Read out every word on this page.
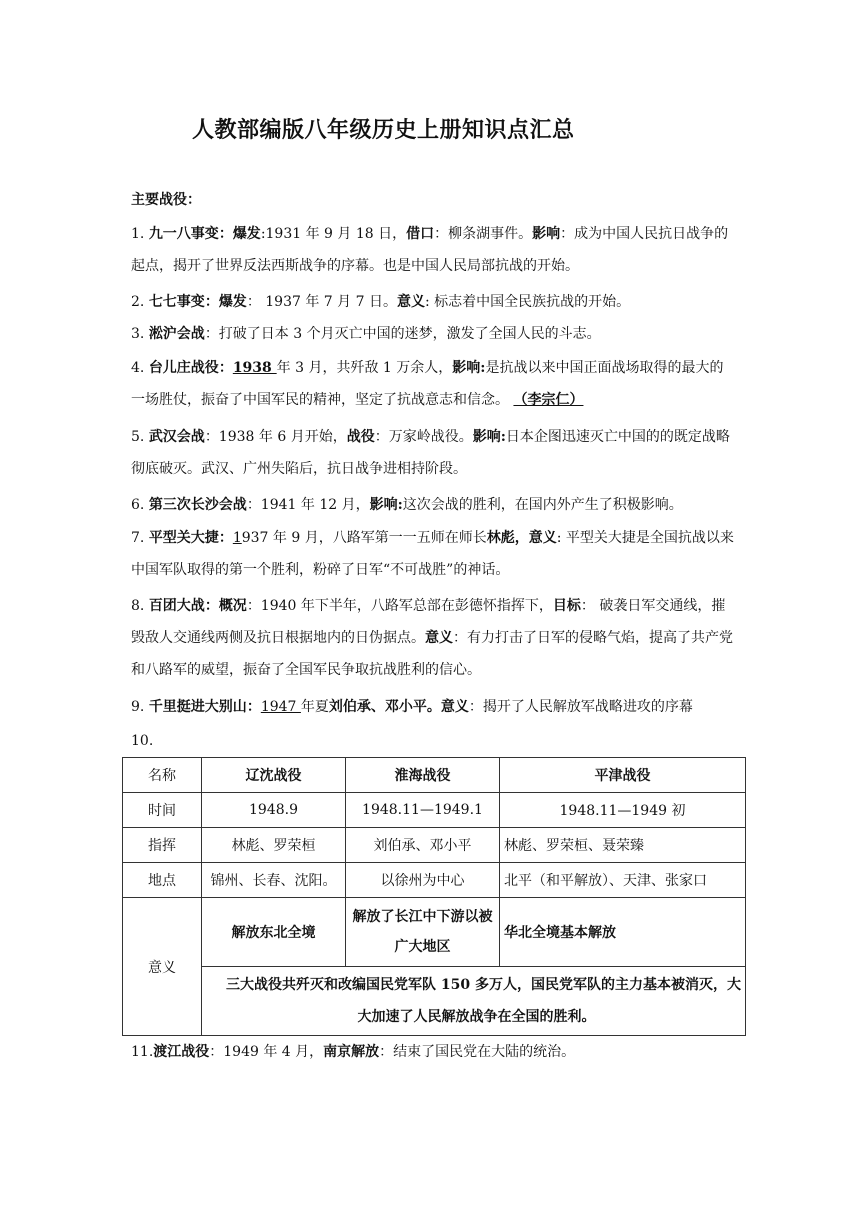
人教部编版八年级历史上册知识点汇总
主要战役：
1. 九一八事变：爆发:1931 年 9 月 18 日，借口：柳条湖事件。影响：成为中国人民抗日战争的起点，揭开了世界反法西斯战争的序幕。也是中国人民局部抗战的开始。
2. 七七事变：爆发： 1937 年 7 月 7 日。意义: 标志着中国全民族抗战的开始。
3. 淞沪会战：打破了日本 3 个月灭亡中国的迷梦，激发了全国人民的斗志。
4. 台儿庄战役：1938 年 3 月，共歼敌 1 万余人，影响:是抗战以来中国正面战场取得的最大的一场胜仗，振奋了中国军民的精神，坚定了抗战意志和信念。 （李宗仁）
5. 武汉会战：1938 年 6 月开始，战役：万家岭战役。影响:日本企图迅速灭亡中国的的既定战略彻底破灭。武汉、广州失陷后，抗日战争进相持阶段。
6. 第三次长沙会战：1941 年 12 月，影响:这次会战的胜利，在国内外产生了积极影响。
7. 平型关大捷：1937 年 9 月，八路军第一一五师在师长林彪，意义: 平型关大捷是全国抗战以来中国军队取得的第一个胜利，粉碎了日军“不可战胜”的神话。
8. 百团大战：概况：1940 年下半年，八路军总部在彭德怀指挥下，目标： 破袭日军交通线，摧毁敌人交通线两侧及抗日根据地内的日伪据点。意义：有力打击了日军的侵略气焰，提高了共产党和八路军的威望，振奋了全国军民争取抗战胜利的信心。
9. 千里挺进大别山：1947 年夏刘伯承、邓小平。意义：揭开了人民解放军战略进攻的序幕
10.
名称	辽沈战役	淮海战役	平津战役
时间	1948.9	1948.11—1949.1	1948.11—1949 初
指挥	林彪、罗荣桓	刘伯承、邓小平	林彪、罗荣桓、聂荣臻
地点	锦州、长春、沈阳。	以徐州为中心	北平（和平解放）、天津、张家口
意义	解放东北全境	解放了长江中下游以被广大地区	华北全境基本解放
	三大战役共歼灭和改编国民党军队 150 多万人，国民党军队的主力基本被消灭，大大加速了人民解放战争在全国的胜利。		
11.渡江战役：1949 年 4 月，南京解放：结束了国民党在大陆的统治。
